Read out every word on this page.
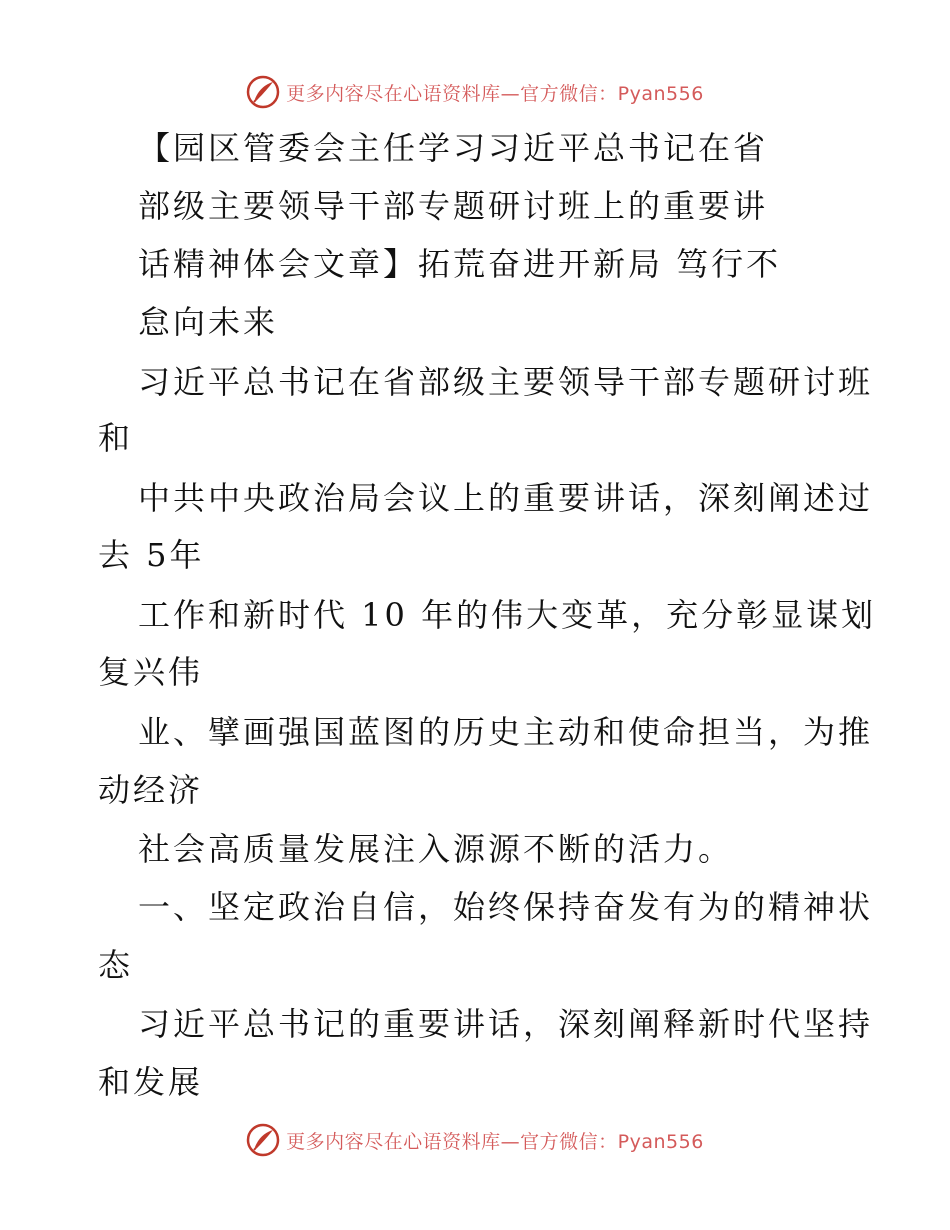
更多内容尽在心语资料库—官方微信：Pyan556
【园区管委会主任学习习近平总书记在省
部级主要领导干部专题研讨班上的重要讲
话精神体会文章】拓荒奋进开新局 笃行不
怠向未来
习近平总书记在省部级主要领导干部专题研讨班
和
中共中央政治局会议上的重要讲话，深刻阐述过
去 5年
工作和新时代 10 年的伟大变革，充分彰显谋划
复兴伟
业、擘画强国蓝图的历史主动和使命担当，为推
动经济
社会高质量发展注入源源不断的活力。
一、坚定政治自信，始终保持奋发有为的精神状
态
习近平总书记的重要讲话，深刻阐释新时代坚持
和发展
更多内容尽在心语资料库—官方微信：Pyan556
